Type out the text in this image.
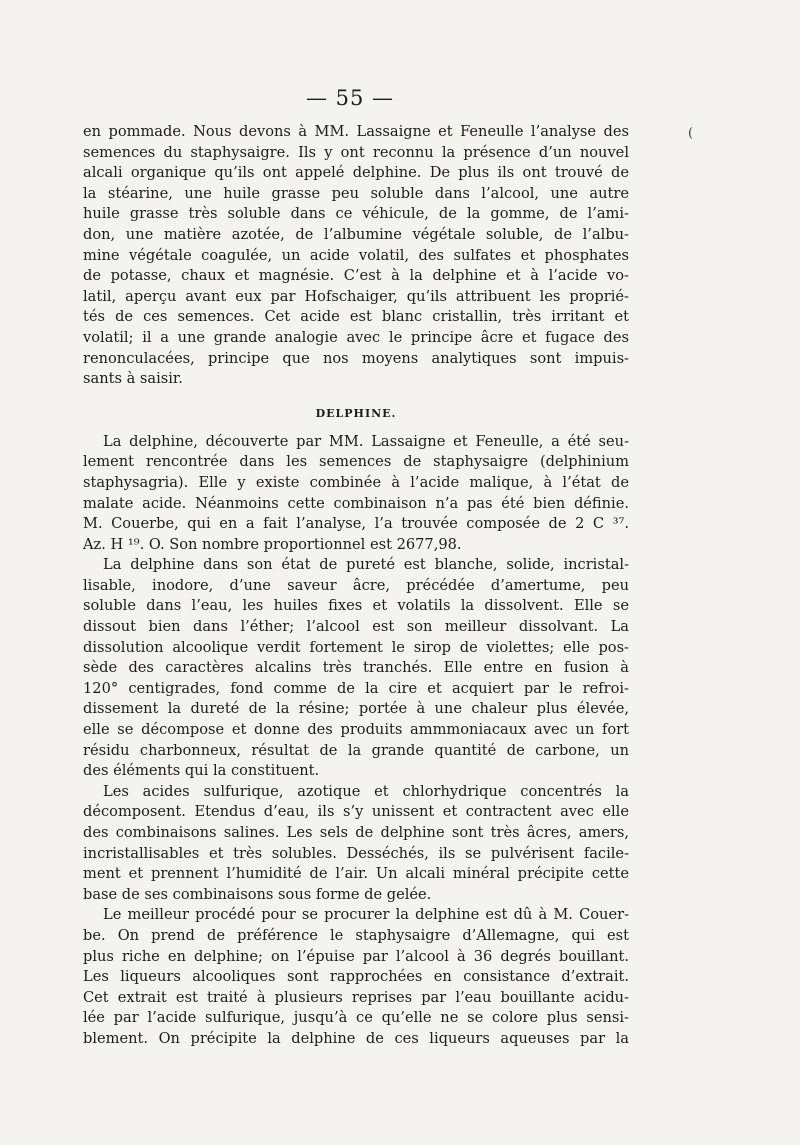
— 55 —
(
en pommade. Nous devons à MM. Lassaigne et Feneulle l’analyse des
semences du staphysaigre. Ils y ont reconnu la présence d’un nouvel
alcali organique qu’ils ont appelé delphine. De plus ils ont trouvé de
la stéarine, une huile grasse peu soluble dans l’alcool, une autre
huile grasse très soluble dans ce véhicule, de la gomme, de l’ami-
don, une matière azotée, de l’albumine végétale soluble, de l’albu-
mine végétale coagulée, un acide volatil, des sulfates et phosphates
de potasse, chaux et magnésie. C’est à la delphine et à l’acide vo-
latil, aperçu avant eux par Hofschaiger, qu’ils attribuent les proprié-
tés de ces semences. Cet acide est blanc cristallin, très irritant et
volatil; il a une grande analogie avec le principe âcre et fugace des
renonculacées, principe que nos moyens analytiques sont impuis-
sants à saisir.
DELPHINE.
La delphine, découverte par MM. Lassaigne et Feneulle, a été seu-
lement rencontrée dans les semences de staphysaigre (delphinium
staphysagria). Elle y existe combinée à l’acide malique, à l’état de
malate acide. Néanmoins cette combinaison n’a pas été bien définie.
M. Couerbe, qui en a fait l’analyse, l’a trouvée composée de 2 C ³⁷.
Az. H ¹⁹. O. Son nombre proportionnel est 2677,98.
La delphine dans son état de pureté est blanche, solide, incristal-
lisable, inodore, d’une saveur âcre, précédée d’amertume, peu
soluble dans l’eau, les huiles fixes et volatils la dissolvent. Elle se
dissout bien dans l’éther; l’alcool est son meilleur dissolvant. La
dissolution alcoolique verdit fortement le sirop de violettes; elle pos-
sède des caractères alcalins très tranchés. Elle entre en fusion à
120° centigrades, fond comme de la cire et acquiert par le refroi-
dissement la dureté de la résine; portée à une chaleur plus élevée,
elle se décompose et donne des produits ammmoniacaux avec un fort
résidu charbonneux, résultat de la grande quantité de carbone, un
des éléments qui la constituent.
Les acides sulfurique, azotique et chlorhydrique concentrés la
décomposent. Etendus d’eau, ils s’y unissent et contractent avec elle
des combinaisons salines. Les sels de delphine sont très âcres, amers,
incristallisables et très solubles. Desséchés, ils se pulvérisent facile-
ment et prennent l’humidité de l’air. Un alcali minéral précipite cette
base de ses combinaisons sous forme de gelée.
Le meilleur procédé pour se procurer la delphine est dû à M. Couer-
be. On prend de préférence le staphysaigre d’Allemagne, qui est
plus riche en delphine; on l’épuise par l’alcool à 36 degrés bouillant.
Les liqueurs alcooliques sont rapprochées en consistance d’extrait.
Cet extrait est traité à plusieurs reprises par l’eau bouillante acidu-
lée par l’acide sulfurique, jusqu’à ce qu’elle ne se colore plus sensi-
blement. On précipite la delphine de ces liqueurs aqueuses par la
